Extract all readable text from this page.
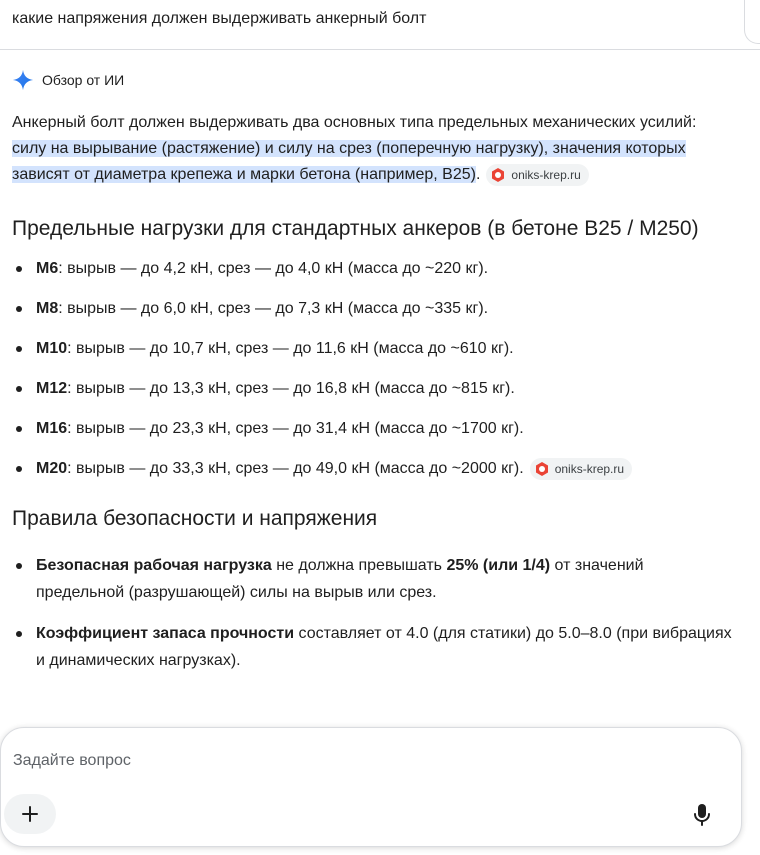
какие напряжения должен выдерживать анкерный болт
Обзор от ИИ

Анкерный болт должен выдерживать два основных типа предельных механических усилий: силу на вырывание (растяжение) и силу на срез (поперечную нагрузку), значения которых зависят от диаметра крепежа и марки бетона (например, В25).	oniks-krep.ru

Предельные нагрузки для стандартных анкеров (в бетоне В25 / М250)
М6: вырыв — до 4,2 кН, срез — до 4,0 кН (масса до ~220 кг).
М8: вырыв — до 6,0 кН, срез — до 7,3 кН (масса до ~335 кг).
М10: вырыв — до 10,7 кН, срез — до 11,6 кН (масса до ~610 кг).
М12: вырыв — до 13,3 кН, срез — до 16,8 кН (масса до ~815 кг).
М16: вырыв — до 23,3 кН, срез — до 31,4 кН (масса до ~1700 кг).
М20: вырыв — до 33,3 кН, срез — до 49,0 кН (масса до ~2000 кг).	oniks-krep.ru
Правила безопасности и напряжения
Безопасная рабочая нагрузка не должна превышать 25% (или 1/4) от значений предельной (разрушающей) силы на вырыв или срез.
Коэффициент запаса прочности составляет от 4.0 (для статики) до 5.0–8.0 (при вибрациях и динамических нагрузках).
Задайте вопрос
